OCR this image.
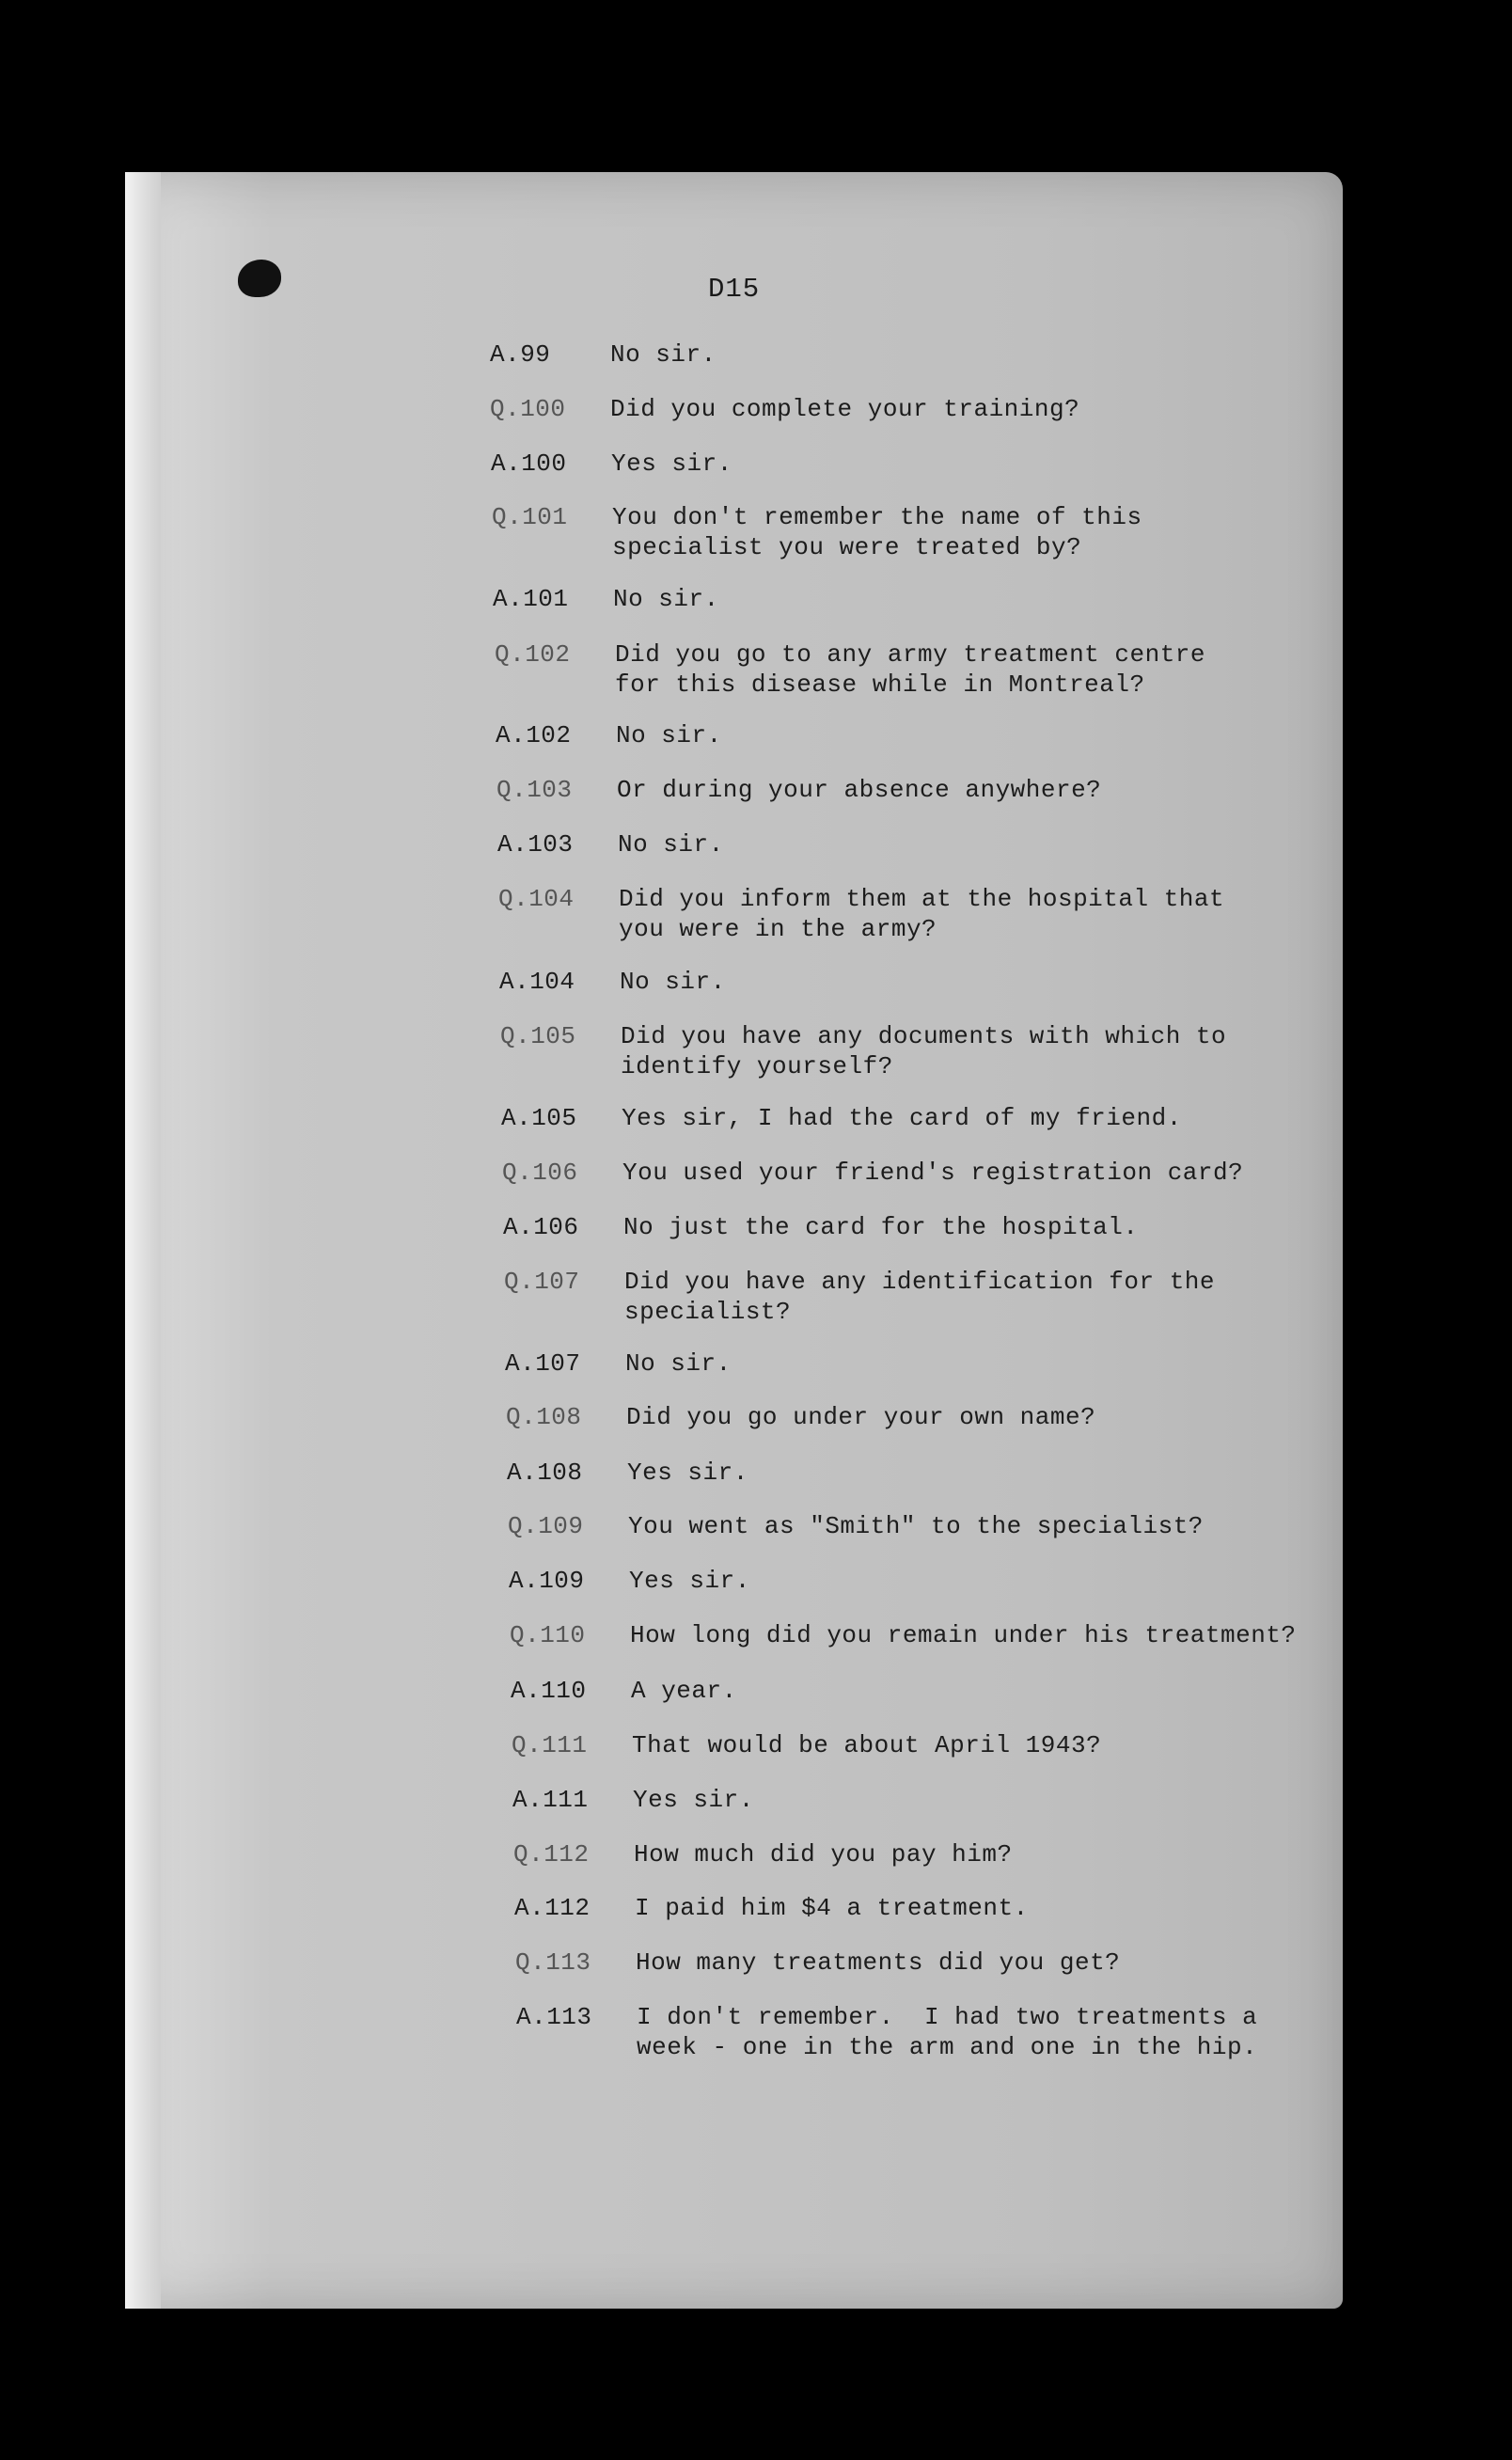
D15
A.99	No sir.
Q.100	Did you complete your training?
A.100	Yes sir.
Q.101	You don't remember the name of this
specialist you were treated by?
A.101	No sir.
Q.102	Did you go to any army treatment centre
for this disease while in Montreal?
A.102	No sir.
Q.103	Or during your absence anywhere?
A.103	No sir.
Q.104	Did you inform them at the hospital that
you were in the army?
A.104	No sir.
Q.105	Did you have any documents with which to
identify yourself?
A.105	Yes sir, I had the card of my friend.
Q.106	You used your friend's registration card?
A.106	No just the card for the hospital.
Q.107	Did you have any identification for the
specialist?
A.107	No sir.
Q.108	Did you go under your own name?
A.108	Yes sir.
Q.109	You went as "Smith" to the specialist?
A.109	Yes sir.
Q.110	How long did you remain under his treatment?
A.110	A year.
Q.111	That would be about April 1943?
A.111	Yes sir.
Q.112	How much did you pay him?
A.112	I paid him $4 a treatment.
Q.113	How many treatments did you get?
A.113	I don't remember.  I had two treatments a
week - one in the arm and one in the hip.
